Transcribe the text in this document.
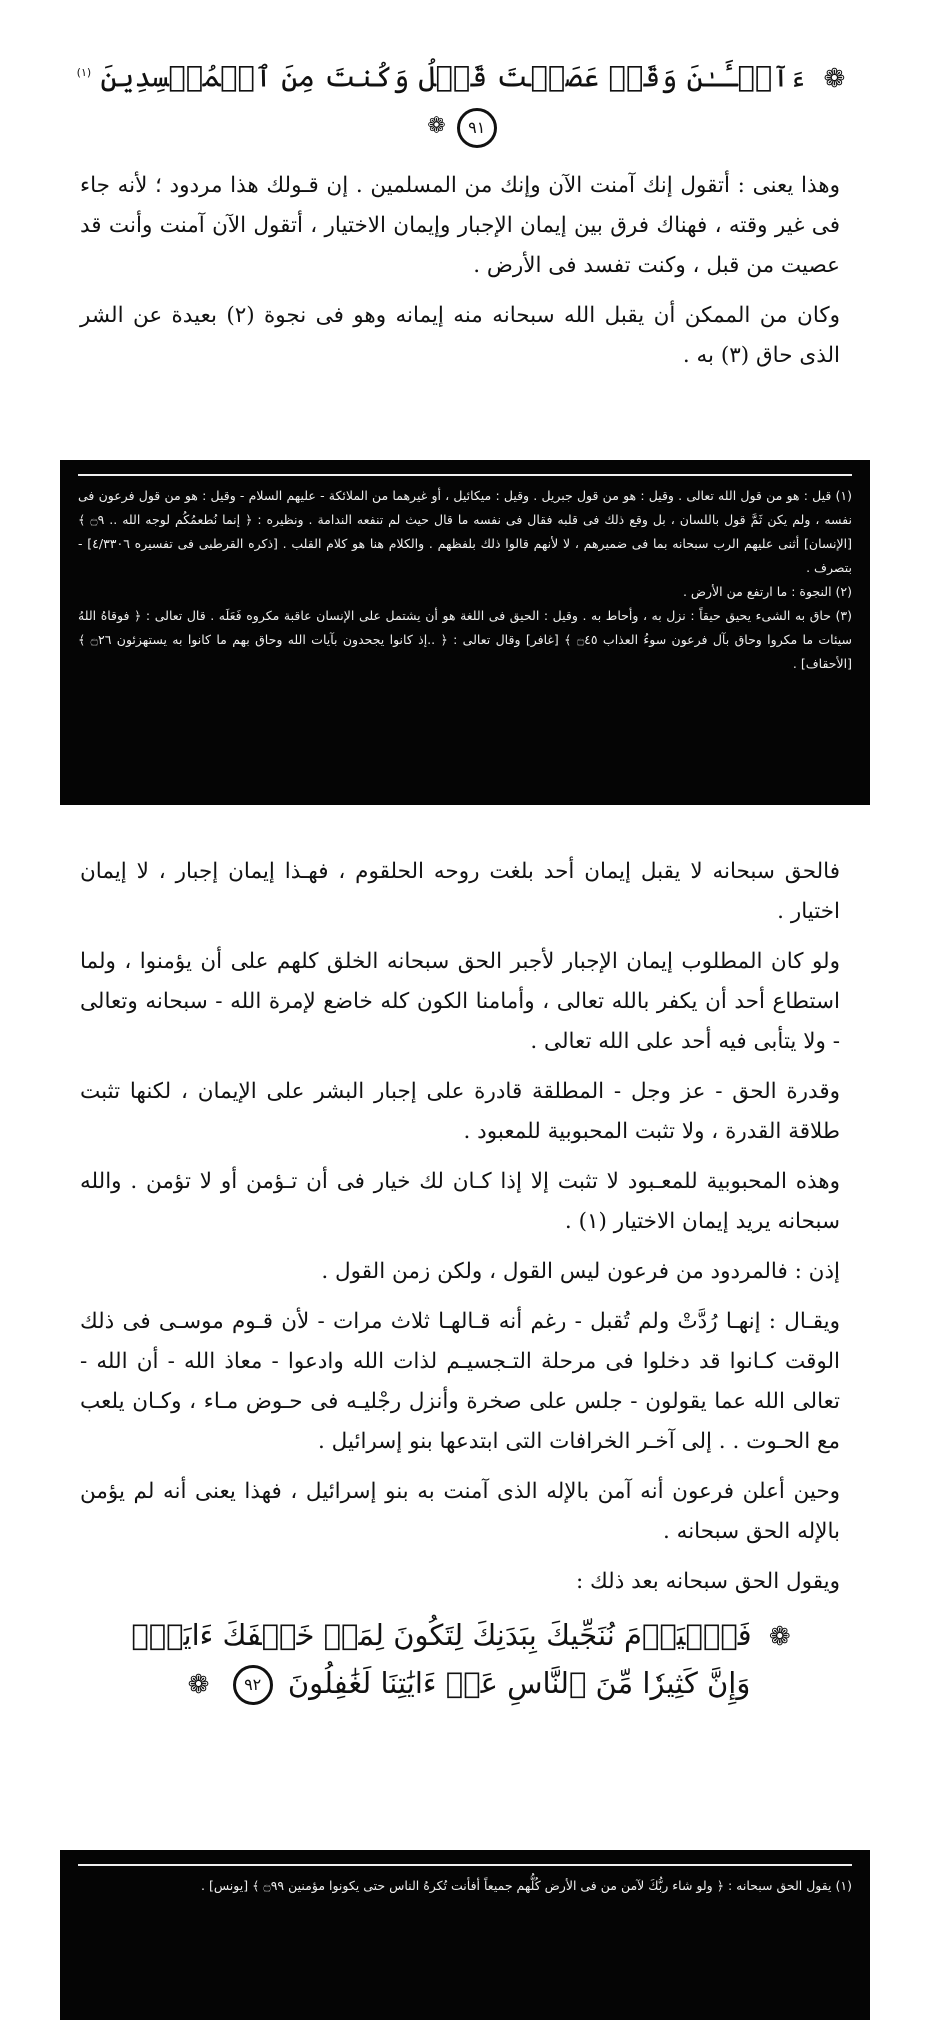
❁ ءَآلۡـَٔـٰنَ وَقَدۡ عَصَيۡتَ قَبۡلُ وَكُنتَ مِنَ ٱلۡمُفۡسِدِينَ $^{(١)}$
❁ ٩١

وهذا يعنى : أتقول إنك آمنت الآن وإنك من المسلمين . إن قـولك هذا مردود ؛ لأنه جاء فى غير وقته ، فهناك فرق بين إيمان الإجبار وإيمان الاختيار ، أتقول الآن آمنت وأنت قد عصيت من قبل ، وكنت تفسد فى الأرض .

وكان من الممكن أن يقبل الله سبحانه منه إيمانه وهو فى نجوة (٢) بعيدة عن الشر الذى حاق (٣) به .

(١) قيل : هو من قول الله تعالى . وقيل : هو من قول جبريل . وقيل : ميكائيل ، أو غيرهما من الملائكة - عليهم السلام - وقيل : هو من قول فرعون فى نفسه ، ولم يكن ثَمَّ قول باللسان ، بل وقع ذلك فى قلبه فقال فى نفسه ما قال حيث لم تنفعه الندامة . ونظيره : ﴿ إنما نُطعمُكُم لوجه الله .. ۝٩ ﴾ [الإنسان] أثنى عليهم الرب سبحانه بما فى ضميرهم ، لا لأنهم قالوا ذلك بلفظهم . والكلام هنا هو كلام القلب . [ذكره القرطبى فى تفسيره ٤/٣٣٠٦] - بتصرف .

(٢) النجوة : ما ارتفع من الأرض .

(٣) حاق به الشىء يحيق حيقاً : نزل به ، وأحاط به . وقيل : الحيق فى اللغة هو أن يشتمل على الإنسان عاقبة مكروه فَعَلَه . قال تعالى : ﴿ فوقاهُ اللهُ سيئات ما مكروا وحاق بآل فرعون سوءُ العذاب ۝٤٥ ﴾ [غافر] وقال تعالى : ﴿ ..إذ كانوا يجحدون بآيات الله وحاق بهم ما كانوا به يستهزئون ۝٢٦ ﴾ [الأحقاف] .

فالحق سبحانه لا يقبل إيمان أحد بلغت روحه الحلقوم ، فهـذا إيمان إجبار ، لا إيمان اختيار .

ولو كان المطلوب إيمان الإجبار لأجبر الحق سبحانه الخلق كلهم على أن يؤمنوا ، ولما استطاع أحد أن يكفر بالله تعالى ، وأمامنا الكون كله خاضع لإمرة الله - سبحانه وتعالى - ولا يتأبى فيه أحد على الله تعالى .

وقدرة الحق - عز وجل - المطلقة قادرة على إجبار البشر على الإيمان ، لكنها تثبت طلاقة القدرة ، ولا تثبت المحبوبية للمعبود .

وهذه المحبوبية للمعـبود لا تثبت إلا إذا كـان لك خيار فى أن تـؤمن أو لا تؤمن . والله سبحانه يريد إيمان الاختيار (١) .

إذن : فالمردود من فرعون ليس القول ، ولكن زمن القول .

ويقـال : إنهـا رُدَّتْ ولم تُقبل - رغم أنه قـالهـا ثلاث مرات - لأن قـوم موسـى فى ذلك الوقت كـانوا قد دخلوا فى مرحلة التـجسيـم لذات الله وادعوا - معاذ الله - أن الله - تعالى الله عما يقولون - جلس على صخرة وأنزل رجْليـه فى حـوض مـاء ، وكـان يلعب مع الحـوت . . إلى آخـر الخرافات التى ابتدعها بنو إسرائيل .

وحين أعلن فرعون أنه آمن بالإله الذى آمنت به بنو إسرائيل ، فهذا يعنى أنه لم يؤمن بالإله الحق سبحانه .

ويقول الحق سبحانه بعد ذلك :

❁ فَٱلۡيَوۡمَ نُنَجِّيكَ بِبَدَنِكَ لِتَكُونَ لِمَنۡ خَلۡفَكَ ءَايَةٗۚ
وَإِنَّ كَثِيرٗا مِّنَ ٱلنَّاسِ عَنۡ ءَايَٰتِنَا لَغَٰفِلُونَ ٩٢ ❁

(١) يقول الحق سبحانه : ﴿ ولو شاء ربُّكَ لآمن من فى الأرض كُلُّهم جميعاً أفأنت تُكرهُ الناس حتى يكونوا مؤمنين ۝٩٩ ﴾ [يونس] .
